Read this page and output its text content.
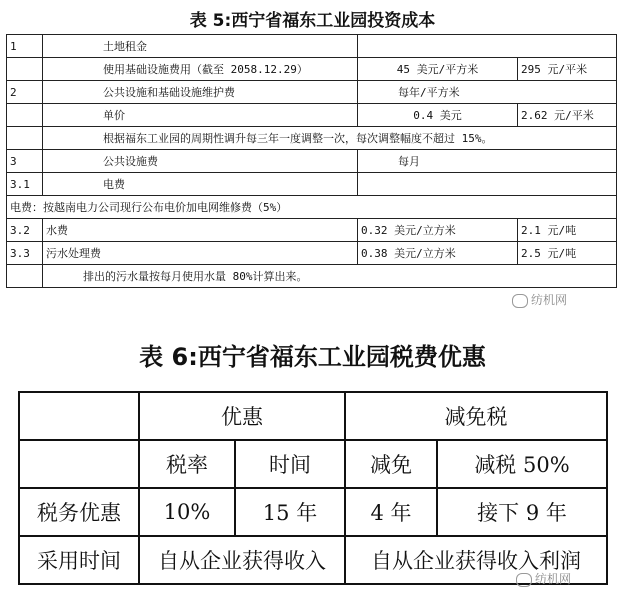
表 5:西宁省福东工业园投资成本
1	土地租金		
	使用基础设施费用（截至 2058.12.29）	45 美元/平方米	295 元/平米
2	公共设施和基础设施维护费	每年/平方米	
	单价	0.4 美元	2.62 元/平米
	根据福东工业园的周期性调升每三年一度调整一次，每次调整幅度不超过 15%。		
3	公共设施费	每月	
3.1	电费		
电费：按越南电力公司现行公布电价加电网维修费（5%）			
3.2	水费	0.32 美元/立方米	2.1 元/吨
3.3	污水处理费	0.38 美元/立方米	2.5 元/吨
	排出的污水量按每月使用水量 80%计算出来。		
纺机网
表 6:西宁省福东工业园税费优惠
	优惠		减免税	
	税率	时间	减免	减税 50%
税务优惠	10%	15 年	4 年	接下 9 年
采用时间	自从企业获得收入		自从企业获得收入利润	
纺机网
